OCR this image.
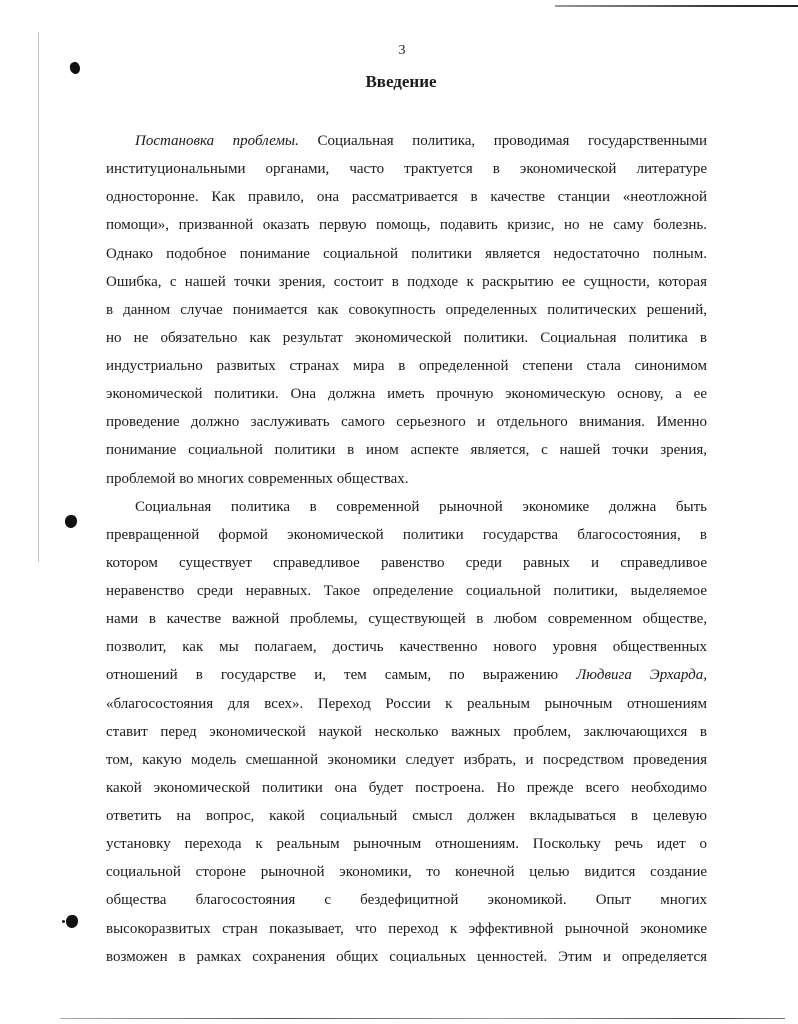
3
Введение
Постановка проблемы. Социальная политика, проводимая государственными
институциональными органами, часто трактуется в экономической литературе
односторонне. Как правило, она рассматривается в качестве станции «неотложной
помощи», призванной оказать первую помощь, подавить кризис, но не саму болезнь.
Однако подобное понимание социальной политики является недостаточно полным.
Ошибка, с нашей точки зрения, состоит в подходе к раскрытию ее сущности, которая
в данном случае понимается как совокупность определенных политических решений,
но не обязательно как результат экономической политики. Социальная политика в
индустриально развитых странах мира в определенной степени стала синонимом
экономической политики. Она должна иметь прочную экономическую основу, а ее
проведение должно заслуживать самого серьезного и отдельного внимания. Именно
понимание социальной политики в ином аспекте является, с нашей точки зрения,
проблемой во многих современных обществах.
Социальная политика в современной рыночной экономике должна быть
превращенной формой экономической политики государства благосостояния, в
котором существует справедливое равенство среди равных и справедливое
неравенство среди неравных. Такое определение социальной политики, выделяемое
нами в качестве важной проблемы, существующей в любом современном обществе,
позволит, как мы полагаем, достичь качественно нового уровня общественных
отношений в государстве и, тем самым, по выражению Людвига Эрхарда,
«благосостояния для всех». Переход России к реальным рыночным отношениям
ставит перед экономической наукой несколько важных проблем, заключающихся в
том, какую модель смешанной экономики следует избрать, и посредством проведения
какой экономической политики она будет построена. Но прежде всего необходимо
ответить на вопрос, какой социальный смысл должен вкладываться в целевую
установку перехода к реальным рыночным отношениям. Поскольку речь идет о
социальной стороне рыночной экономики, то конечной целью видится создание
общества благосостояния с бездефицитной экономикой. Опыт многих
высокоразвитых стран показывает, что переход к эффективной рыночной экономике
возможен в рамках сохранения общих социальных ценностей. Этим и определяется
